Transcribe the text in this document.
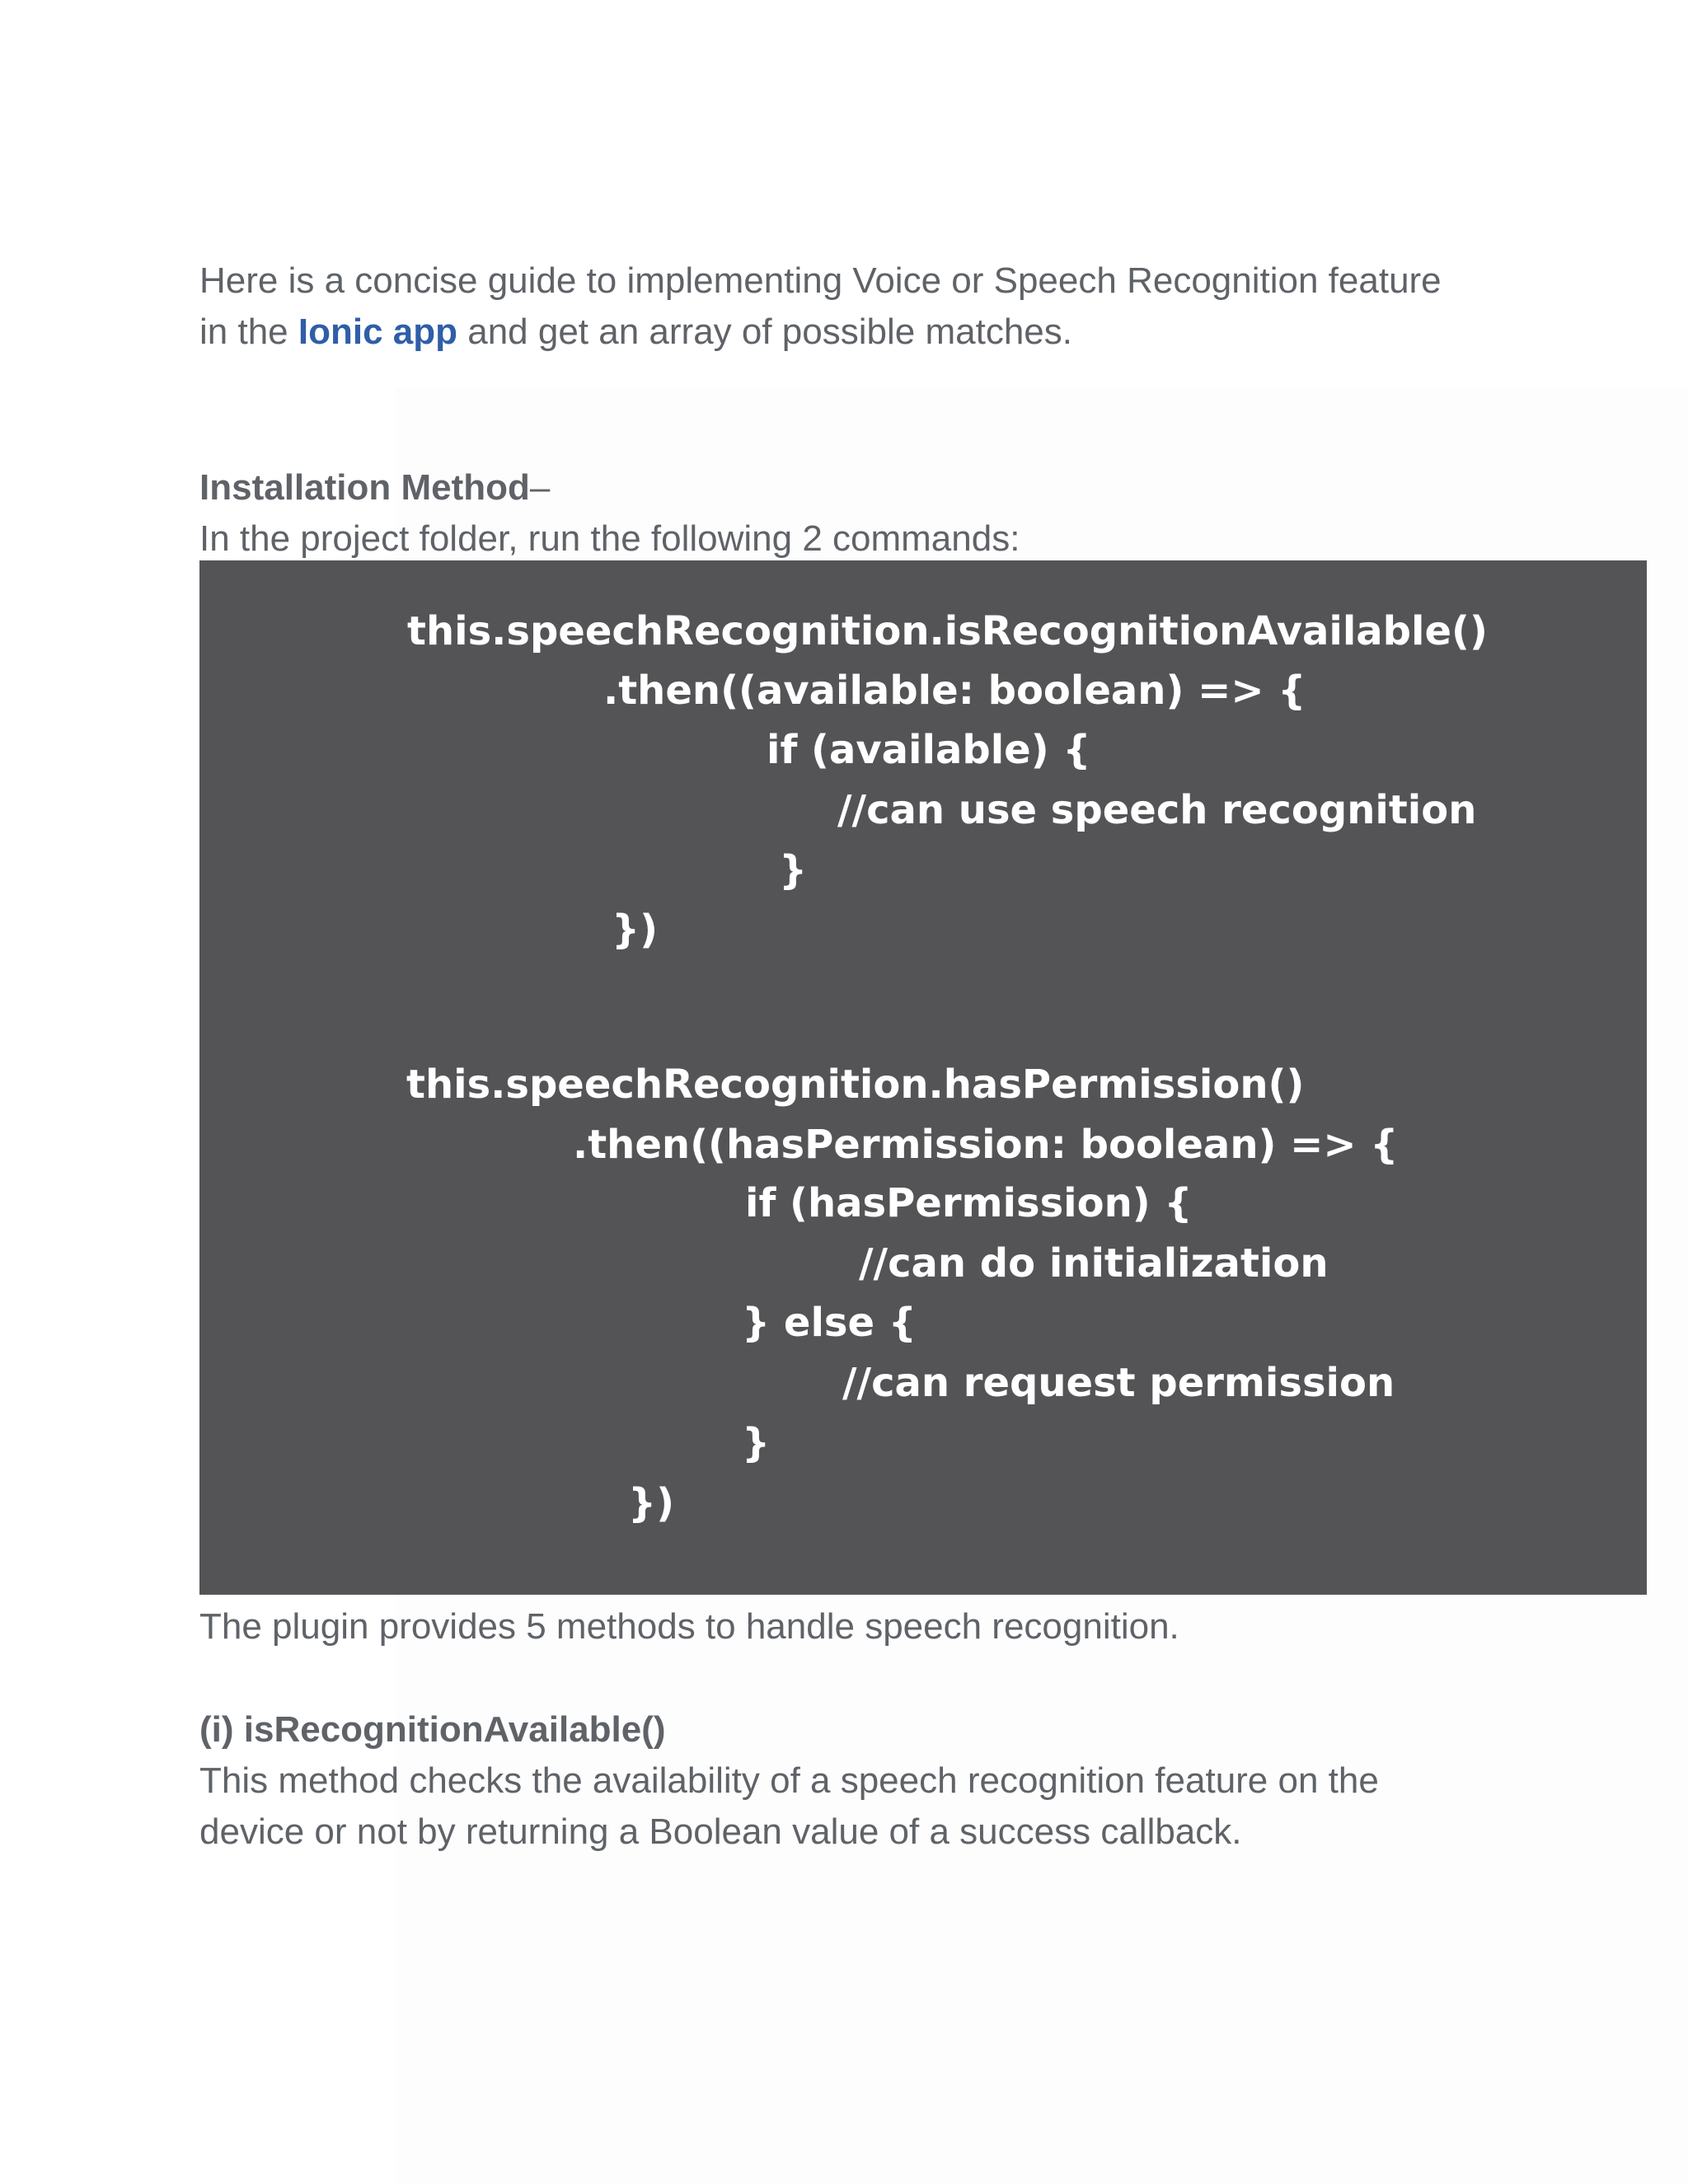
Here is a concise guide to implementing Voice or Speech Recognition feature
in the Ionic app and get an array of possible matches.
Installation Method–
In the project folder, run the following 2 commands:
this.speechRecognition.isRecognitionAvailable()
.then((available: boolean) => {
if (available) {
//can use speech recognition
}
})
this.speechRecognition.hasPermission()
.then((hasPermission: boolean) => {
if (hasPermission) {
//can do initialization
} else {
//can request permission
}
})
The plugin provides 5 methods to handle speech recognition.
(i) isRecognitionAvailable()
This method checks the availability of a speech recognition feature on the
device or not by returning a Boolean value of a success callback.
